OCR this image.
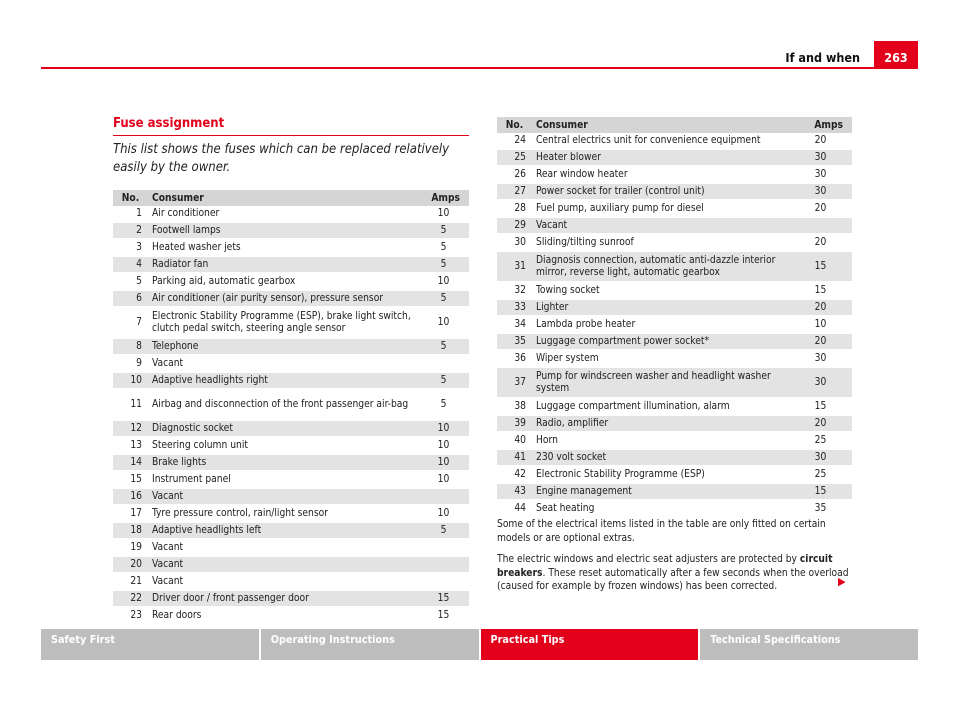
If and when	263
Fuse assignment
This list shows the fuses which can be replaced relatively easily by the owner.
No.	Consumer	Amps
1	Air conditioner	10
2	Footwell lamps	5
3	Heated washer jets	5
4	Radiator fan	5
5	Parking aid, automatic gearbox	10
6	Air conditioner (air purity sensor), pressure sensor	5
7	Electronic Stability Programme (ESP), brake light switch, clutch pedal switch, steering angle sensor	10
8	Telephone	5
9	Vacant	
10	Adaptive headlights right	5
11	Airbag and disconnection of the front passenger air-bag	5
12	Diagnostic socket	10
13	Steering column unit	10
14	Brake lights	10
15	Instrument panel	10
16	Vacant	
17	Tyre pressure control, rain/light sensor	10
18	Adaptive headlights left	5
19	Vacant	
20	Vacant	
21	Vacant	
22	Driver door / front passenger door	15
23	Rear doors	15
No.	Consumer	Amps
24	Central electrics unit for convenience equipment	20
25	Heater blower	30
26	Rear window heater	30
27	Power socket for trailer (control unit)	30
28	Fuel pump, auxiliary pump for diesel	20
29	Vacant	
30	Sliding/tilting sunroof	20
31	Diagnosis connection, automatic anti-dazzle interior mirror, reverse light, automatic gearbox	15
32	Towing socket	15
33	Lighter	20
34	Lambda probe heater	10
35	Luggage compartment power socket*	20
36	Wiper system	30
37	Pump for windscreen washer and headlight washer system	30
38	Luggage compartment illumination, alarm	15
39	Radio, amplifier	20
40	Horn	25
41	230 volt socket	30
42	Electronic Stability Programme (ESP)	25
43	Engine management	15
44	Seat heating	35

Some of the electrical items listed in the table are only fitted on certain models or are optional extras.

The electric windows and electric seat adjusters are protected by circuit breakers. These reset automatically after a few seconds when the overload (caused for example by frozen windows) has been corrected.	▶
Safety First	Operating Instructions	Practical Tips	Technical Specifications
